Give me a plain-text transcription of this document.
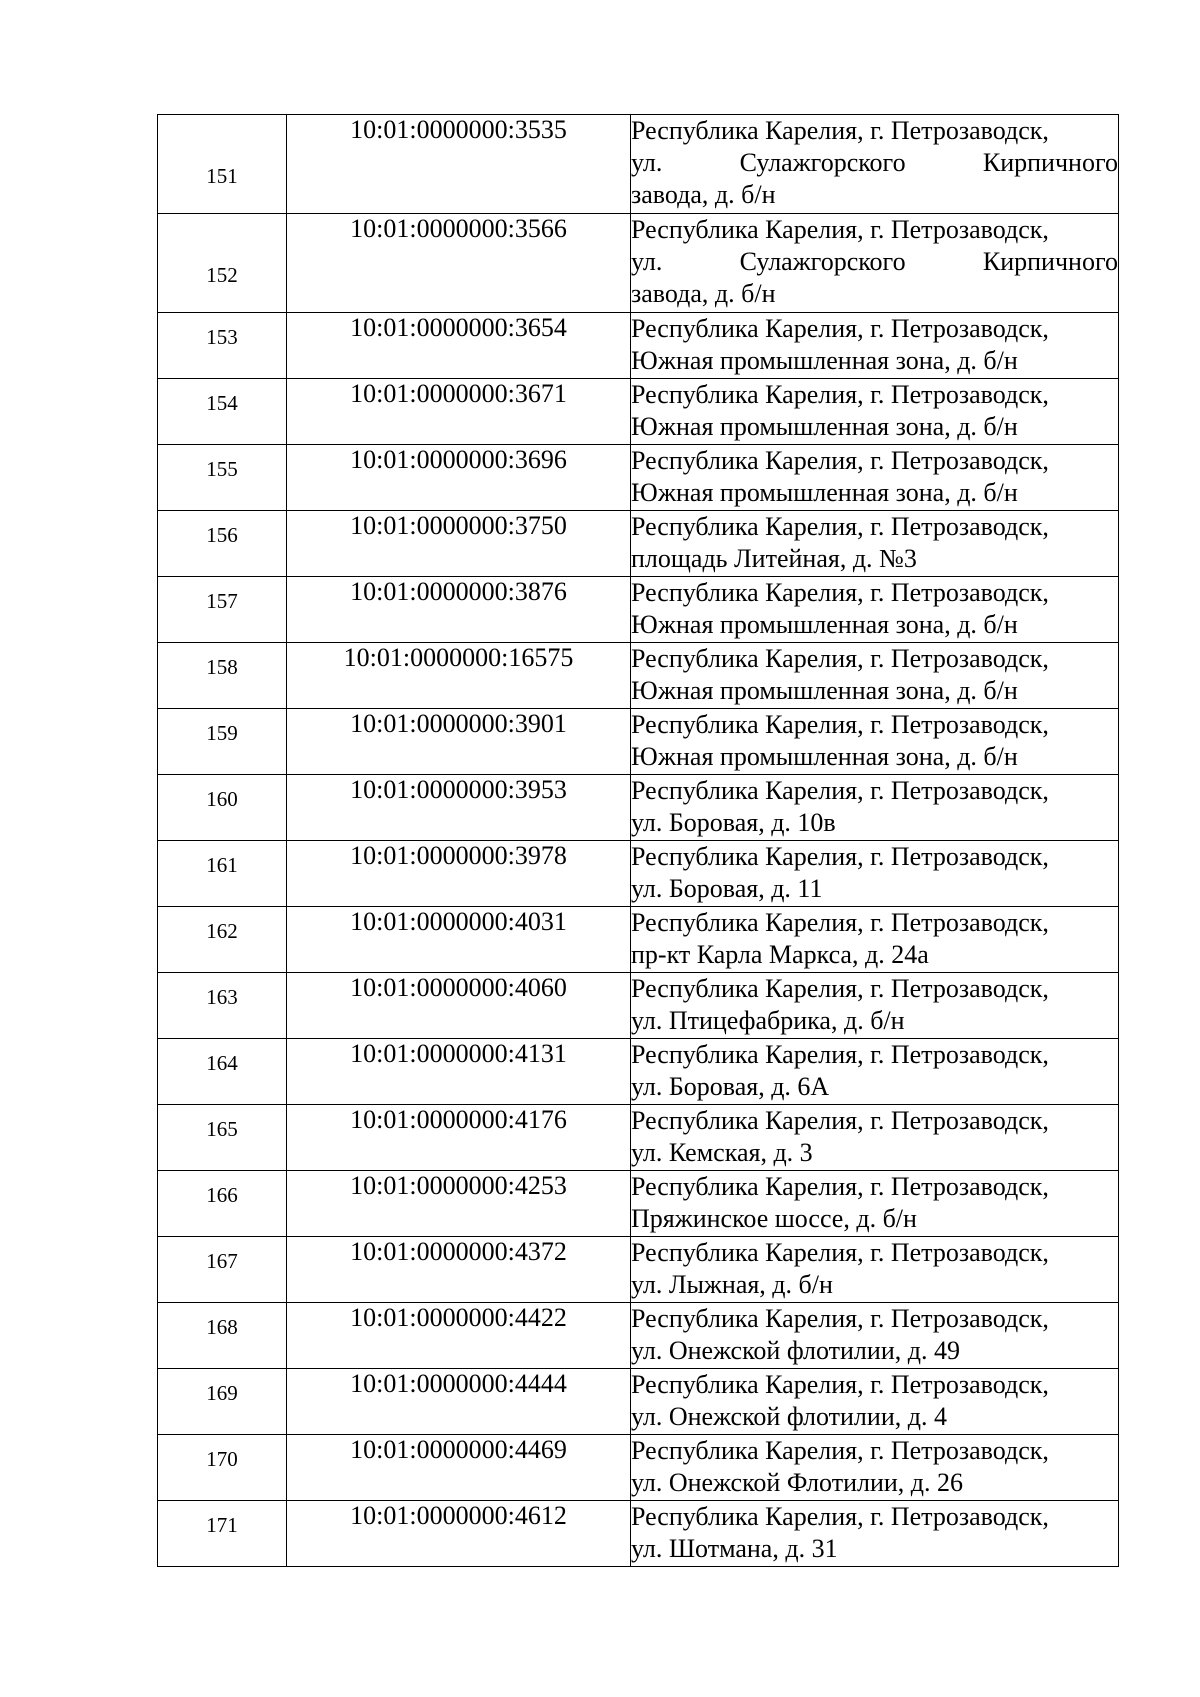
151	10:01:0000000:3535	Республика Карелия, г. Петрозаводск,
ул. Сулажгорского Кирпичного
завода, д. б/н

152	10:01:0000000:3566	Республика Карелия, г. Петрозаводск,
ул. Сулажгорского Кирпичного
завода, д. б/н

153	10:01:0000000:3654	Республика Карелия, г. Петрозаводск,
Южная промышленная зона, д. б/н

154	10:01:0000000:3671	Республика Карелия, г. Петрозаводск,
Южная промышленная зона, д. б/н

155	10:01:0000000:3696	Республика Карелия, г. Петрозаводск,
Южная промышленная зона, д. б/н

156	10:01:0000000:3750	Республика Карелия, г. Петрозаводск,
площадь Литейная, д. №3

157	10:01:0000000:3876	Республика Карелия, г. Петрозаводск,
Южная промышленная зона, д. б/н

158	10:01:0000000:16575	Республика Карелия, г. Петрозаводск,
Южная промышленная зона, д. б/н

159	10:01:0000000:3901	Республика Карелия, г. Петрозаводск,
Южная промышленная зона, д. б/н

160	10:01:0000000:3953	Республика Карелия, г. Петрозаводск,
ул. Боровая, д. 10в

161	10:01:0000000:3978	Республика Карелия, г. Петрозаводск,
ул. Боровая, д. 11

162	10:01:0000000:4031	Республика Карелия, г. Петрозаводск,
пр-кт Карла Маркса, д. 24а

163	10:01:0000000:4060	Республика Карелия, г. Петрозаводск,
ул. Птицефабрика, д. б/н

164	10:01:0000000:4131	Республика Карелия, г. Петрозаводск,
ул. Боровая, д. 6А

165	10:01:0000000:4176	Республика Карелия, г. Петрозаводск,
ул. Кемская, д. 3

166	10:01:0000000:4253	Республика Карелия, г. Петрозаводск,
Пряжинское шоссе, д. б/н

167	10:01:0000000:4372	Республика Карелия, г. Петрозаводск,
ул. Лыжная, д. б/н

168	10:01:0000000:4422	Республика Карелия, г. Петрозаводск,
ул. Онежской флотилии, д. 49

169	10:01:0000000:4444	Республика Карелия, г. Петрозаводск,
ул. Онежской флотилии, д. 4

170	10:01:0000000:4469	Республика Карелия, г. Петрозаводск,
ул. Онежской Флотилии, д. 26

171	10:01:0000000:4612	Республика Карелия, г. Петрозаводск,
ул. Шотмана, д. 31
